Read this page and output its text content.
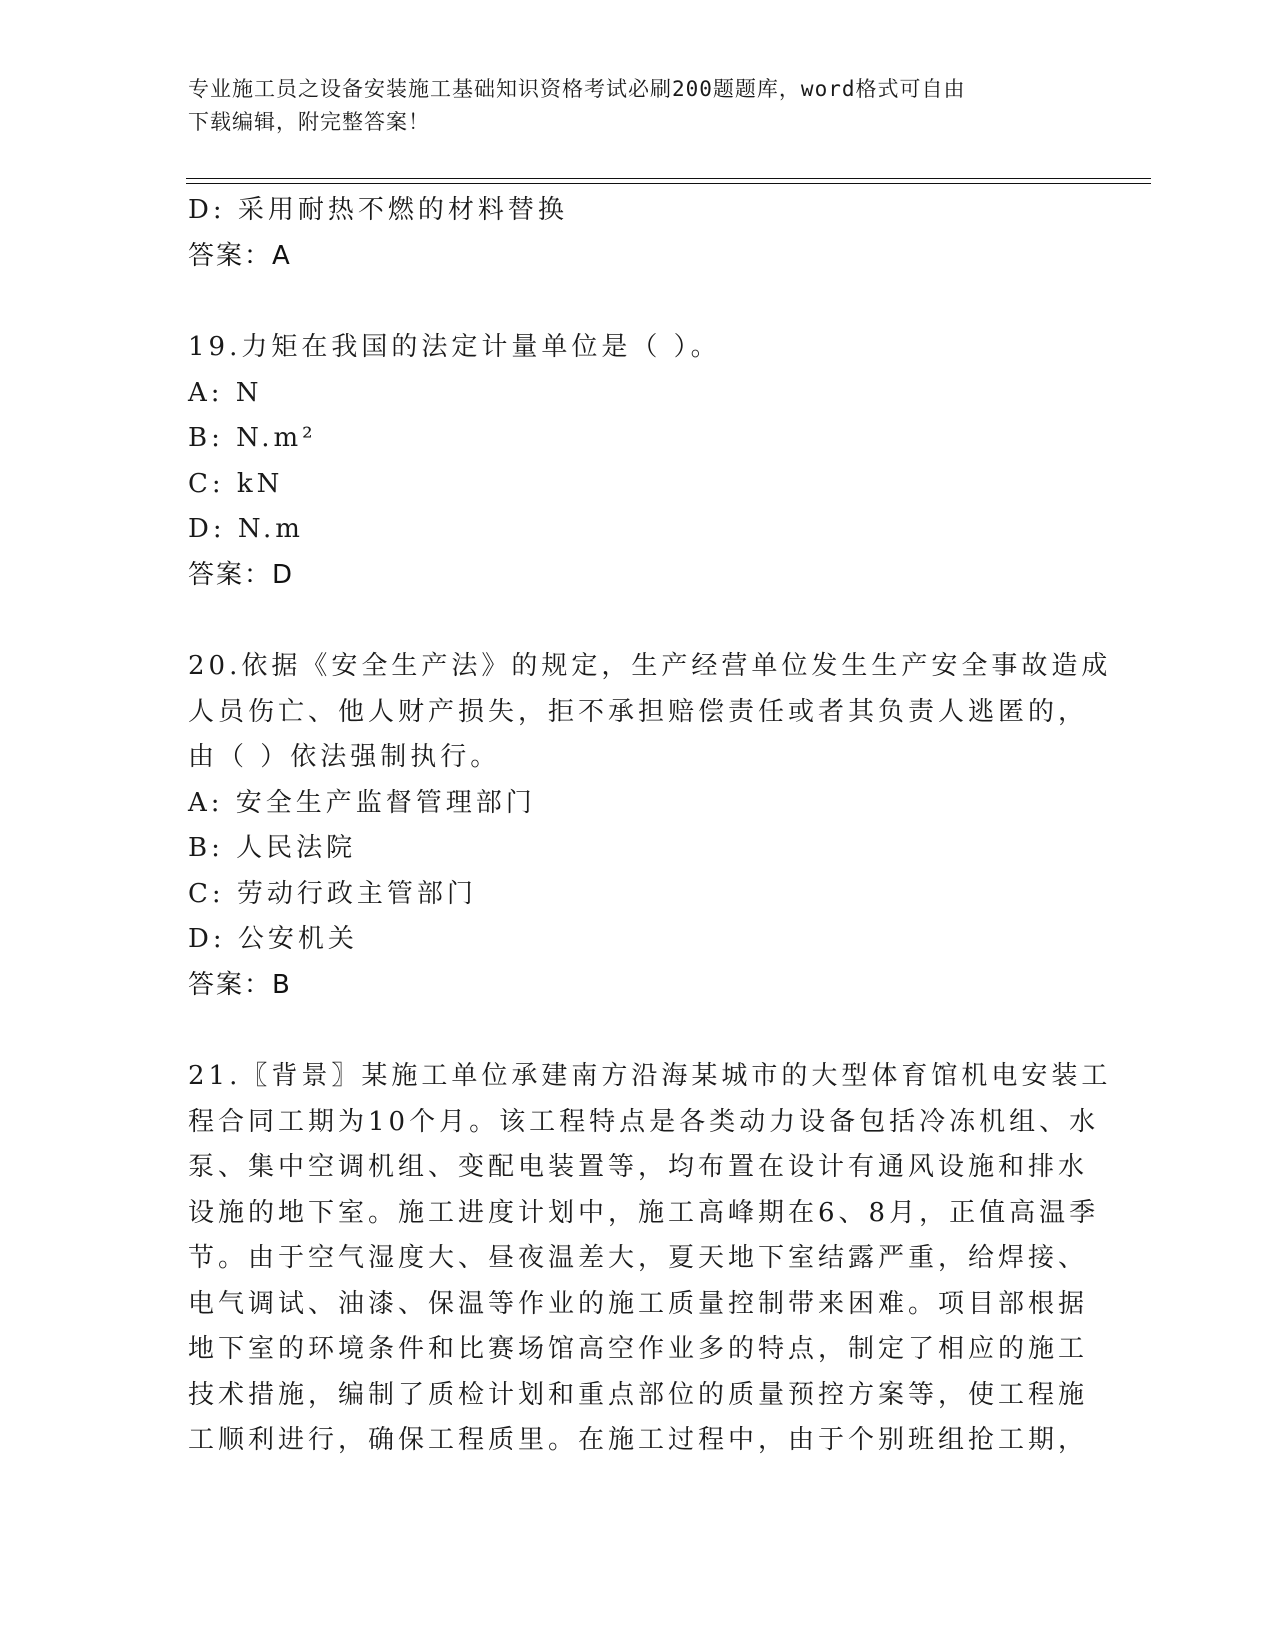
专业施工员之设备安装施工基础知识资格考试必刷200题题库，word格式可自由
下载编辑，附完整答案！
D: 采用耐热不燃的材料替换
答案：A
19.力矩在我国的法定计量单位是（ ）。
A: N
B: N.m²
C: kN
D: N.m
答案：D
20.依据《安全生产法》的规定，生产经营单位发生生产安全事故造成
人员伤亡、他人财产损失，拒不承担赔偿责任或者其负责人逃匿的，
由（ ）依法强制执行。
A: 安全生产监督管理部门
B: 人民法院
C: 劳动行政主管部门
D: 公安机关
答案：B
21.〖背景〗某施工单位承建南方沿海某城市的大型体育馆机电安装工
程合同工期为10个月。该工程特点是各类动力设备包括冷冻机组、水
泵、集中空调机组、变配电装置等，均布置在设计有通风设施和排水
设施的地下室。施工进度计划中，施工高峰期在6、8月，正值高温季
节。由于空气湿度大、昼夜温差大，夏天地下室结露严重，给焊接、
电气调试、油漆、保温等作业的施工质量控制带来困难。项目部根据
地下室的环境条件和比赛场馆高空作业多的特点，制定了相应的施工
技术措施，编制了质检计划和重点部位的质量预控方案等，使工程施
工顺利进行，确保工程质里。在施工过程中，由于个别班组抢工期，
